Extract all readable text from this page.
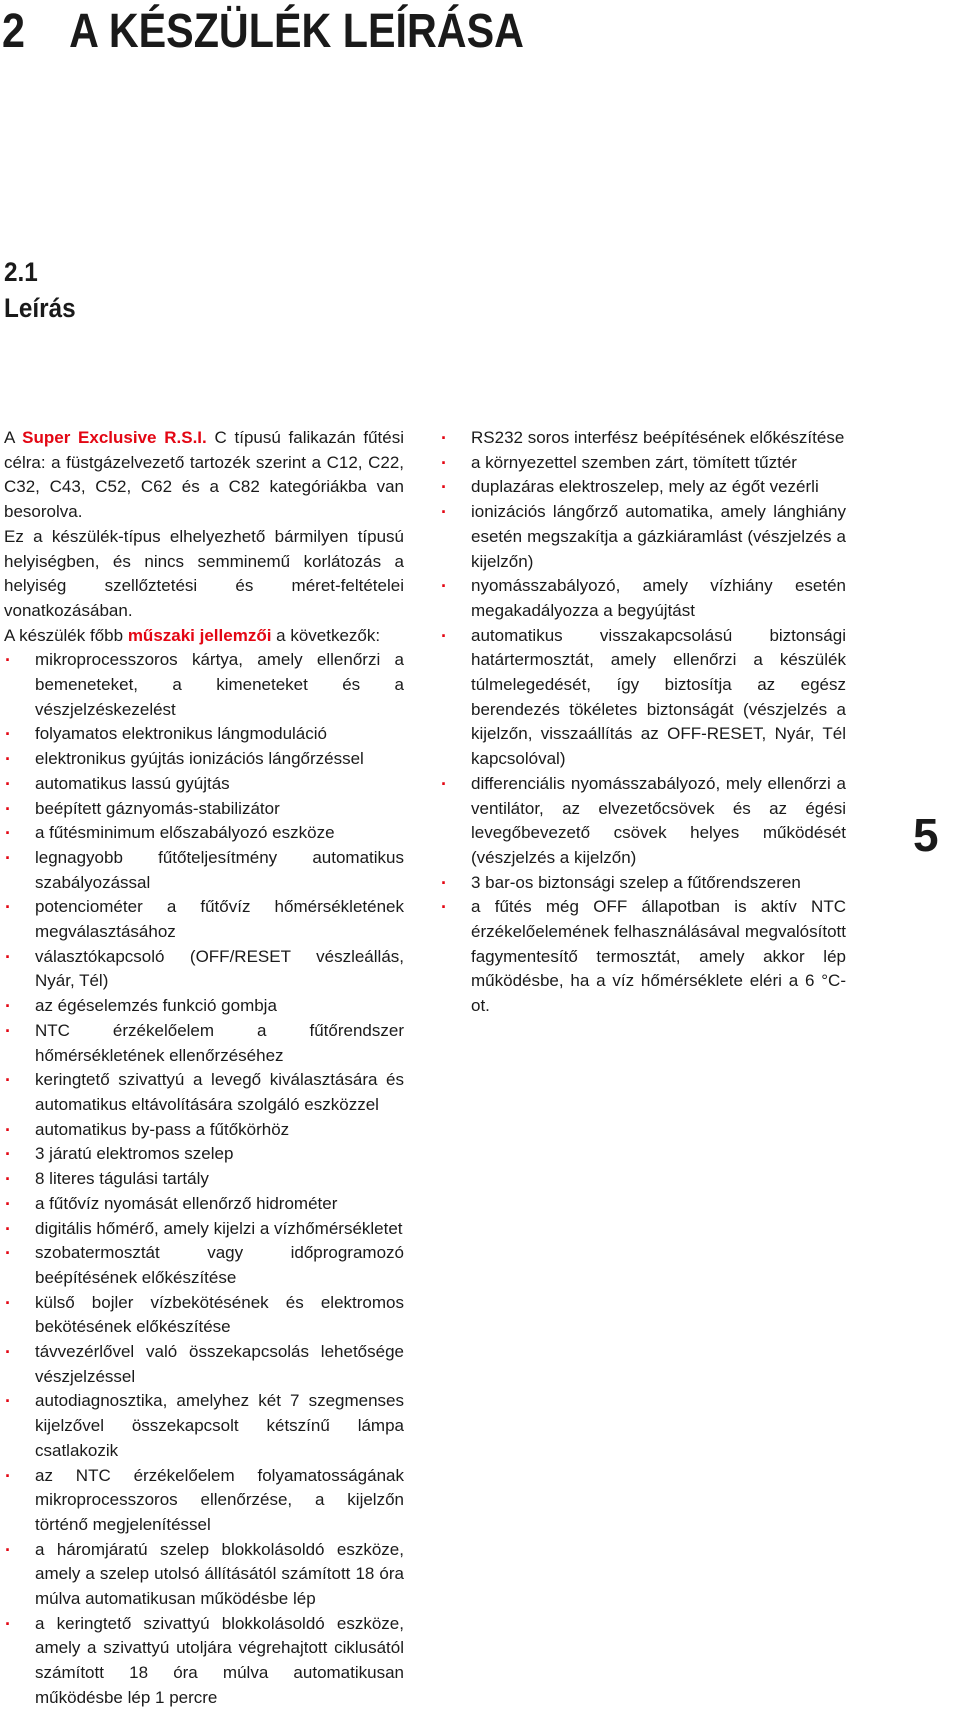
2 A KÉSZÜLÉK LEÍRÁSA
2.1
Leírás

A Super Exclusive R.S.I. C típusú falikazán fűtési célra: a füstgázelvezető tartozék szerint a C12, C22, C32, C43, C52, C62 és a C82 kategóriákba van besorolva.

Ez a készülék-típus elhelyezhető bármilyen típusú helyiségben, és nincs semminemű korlátozás a helyiség szellőztetési és méret-feltételei vonatkozásában.

A készülék főbb műszaki jellemzői a következők:

· mikroprocesszoros kártya, amely ellenőrzi a bemeneteket, a kimeneteket és a vészjelzéskezelést
· folyamatos elektronikus lángmoduláció
· elektronikus gyújtás ionizációs lángőrzéssel
· automatikus lassú gyújtás
· beépített gáznyomás-stabilizátor
· a fűtésminimum előszabályozó eszköze
· legnagyobb fűtőteljesítmény automatikus szabályozással
· potenciométer a fűtővíz hőmérsékletének megválasztásához
· választókapcsoló (OFF/RESET vészleállás, Nyár, Tél)
· az égéselemzés funkció gombja
· NTC érzékelőelem a fűtőrendszer hőmérsékletének ellenőrzéséhez
· keringtető szivattyú a levegő kiválasztására és automatikus eltávolítására szolgáló eszközzel
· automatikus by-pass a fűtőkörhöz
· 3 járatú elektromos szelep
· 8 literes tágulási tartály
· a fűtővíz nyomását ellenőrző hidrométer
· digitális hőmérő, amely kijelzi a vízhőmérsékletet
· szobatermosztát vagy időprogramozó beépítésének előkészítése
· külső bojler vízbekötésének és elektromos bekötésének előkészítése
· távvezérlővel való összekapcsolás lehetősége vészjelzéssel
· autodiagnosztika, amelyhez két 7 szegmenses kijelzővel összekapcsolt kétszínű lámpa csatlakozik
· az NTC érzékelőelem folyamatosságának mikroprocesszoros ellenőrzése, a kijelzőn történő megjelenítéssel
· a háromjáratú szelep blokkolásoldó eszköze, amely a szelep utolsó állításától számított 18 óra múlva automatikusan működésbe lép
· a keringtető szivattyú blokkolásoldó eszköze, amely a szivattyú utoljára végrehajtott ciklusától számított 18 óra múlva automatikusan működésbe lép 1 percre
· RS232 soros interfész beépítésének előkészítése
· a környezettel szemben zárt, tömített tűztér
· duplazáras elektroszelep, mely az égőt vezérli
· ionizációs lángőrző automatika, amely lánghiány esetén megszakítja a gázkiáramlást (vészjelzés a kijelzőn)
· nyomásszabályozó, amely vízhiány esetén megakadályozza a begyújtást
· automatikus visszakapcsolású biztonsági határtermosztát, amely ellenőrzi a készülék túlmelegedését, így biztosítja az egész berendezés tökéletes biztonságát (vészjelzés a kijelzőn, visszaállítás az OFF-RESET, Nyár, Tél kapcsolóval)
· differenciális nyomásszabályozó, mely ellenőrzi a ventilátor, az elvezetőcsövek és az égési levegőbevezető csövek helyes működését (vészjelzés a kijelzőn)
· 3 bar-os biztonsági szelep a fűtőrendszeren
· a fűtés még OFF állapotban is aktív NTC érzékelőelemének felhasználásával megvalósított fagymentesítő termosztát, amely akkor lép működésbe, ha a víz hőmérséklete eléri a 6 °C-ot.
5
